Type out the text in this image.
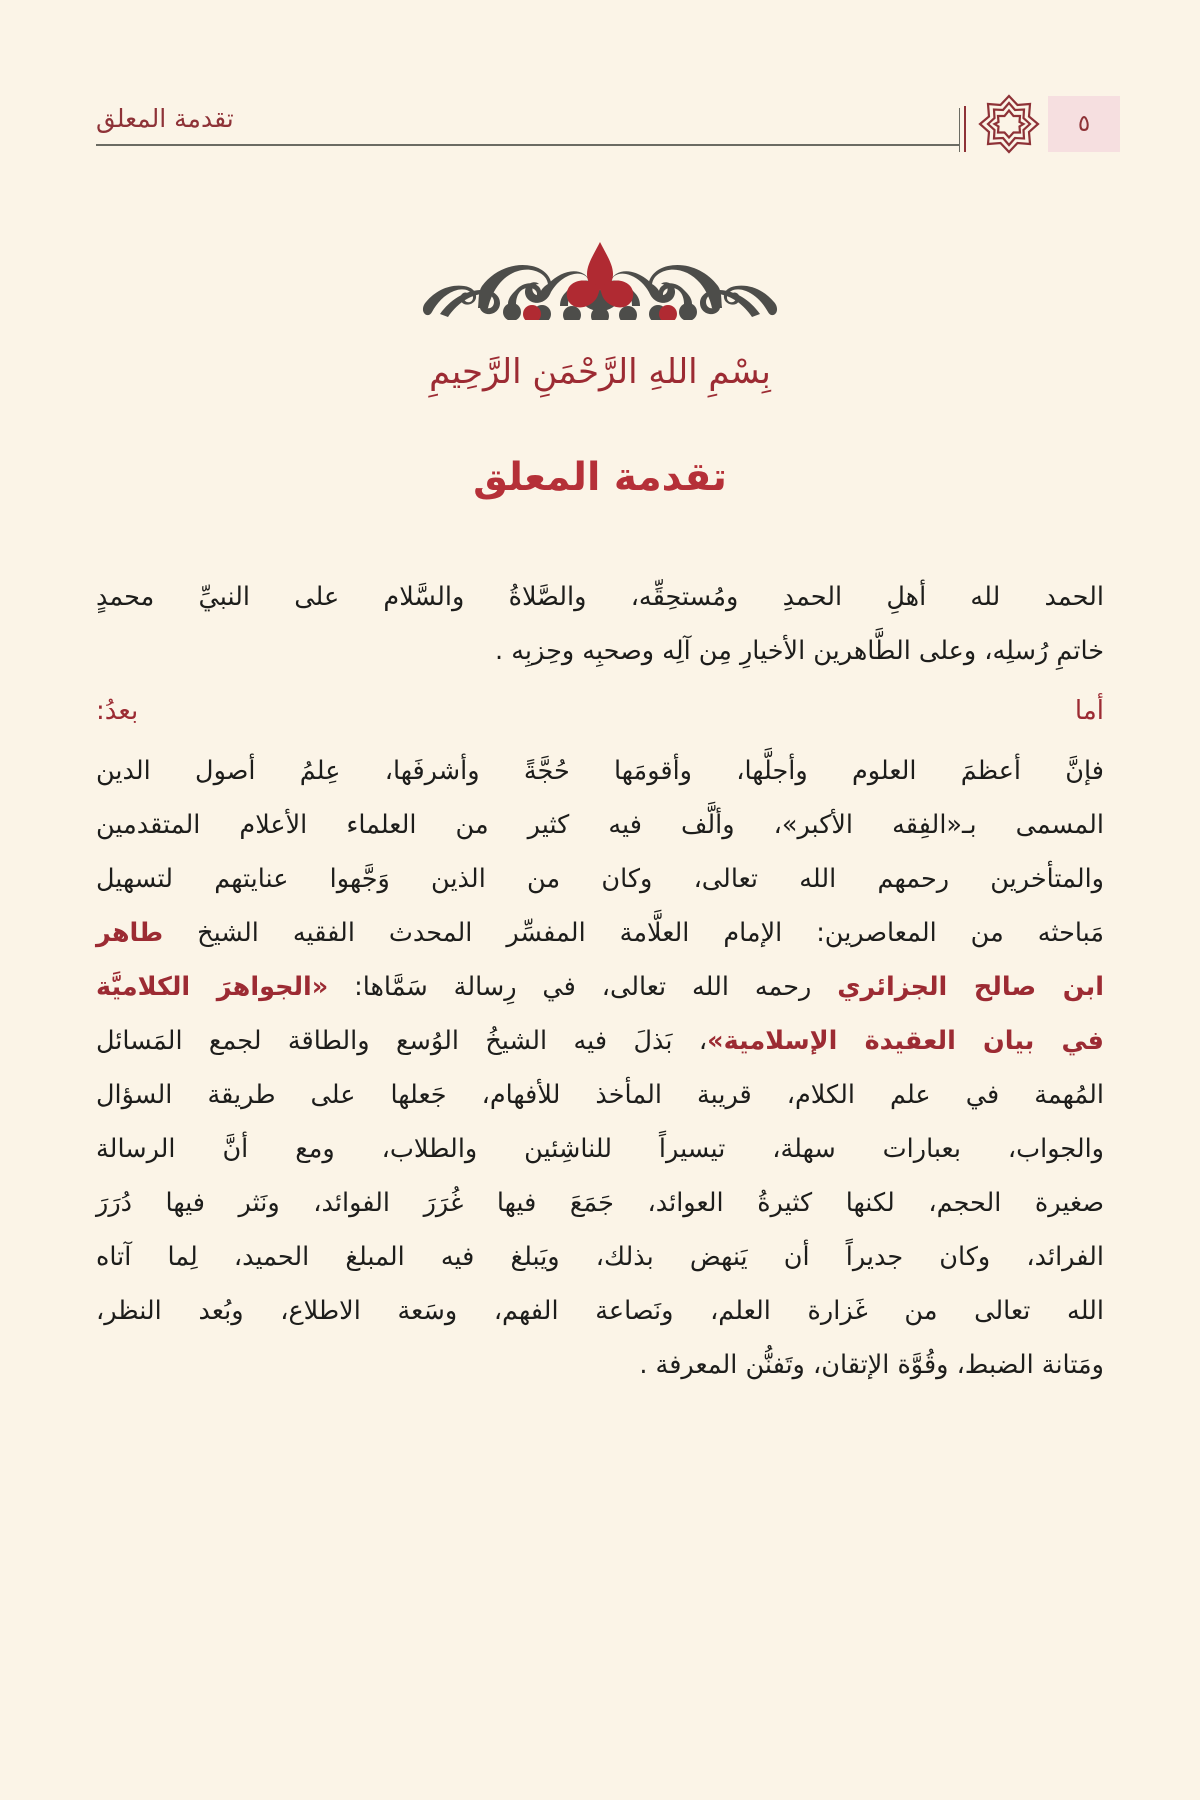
٥
تقدمة المعلق
بِسْمِ اللهِ الرَّحْمَنِ الرَّحِيمِ
تقدمة المعلق
الحمد لله أهلِ الحمدِ ومُستحِقِّه، والصَّلاةُ والسَّلام على النبيِّ محمدٍ
خاتمِ رُسلِه، وعلى الطَّاهرين الأخيارِ مِن آلِه وصحبِه وحِزبِه .
أما بعدُ:
فإنَّ أعظمَ العلوم وأجلَّها، وأقومَها حُجَّةً وأشرفَها، عِلمُ أصول الدين
المسمى بـ«الفِقه الأكبر»، وألَّف فيه كثير من العلماء الأعلام المتقدمين
والمتأخرين رحمهم الله تعالى، وكان من الذين وَجَّهوا عنايتهم لتسهيل
مَباحثه من المعاصرين: الإمام العلَّامة المفسِّر المحدث الفقيه الشيخ طاهر
ابن صالح الجزائري رحمه الله تعالى، في رِسالة سَمَّاها: «الجواهرَ الكلاميَّة
في بيان العقيدة الإسلامية»، بَذلَ فيه الشيخُ الوُسع والطاقة لجمع المَسائل
المُهمة في علم الكلام، قريبة المأخذ للأفهام، جَعلها على طريقة السؤال
والجواب، بعبارات سهلة، تيسيراً للناشِئين والطلاب، ومع أنَّ الرسالة
صغيرة الحجم، لكنها كثيرةُ العوائد، جَمَعَ فيها غُرَرَ الفوائد، ونَثر فيها دُرَرَ
الفرائد، وكان جديراً أن يَنهض بذلك، ويَبلغ فيه المبلغ الحميد، لِما آتاه
الله تعالى من غَزارة العلم، ونَصاعة الفهم، وسَعة الاطلاع، وبُعد النظر،
ومَتانة الضبط، وقُوَّة الإتقان، وتَفنُّن المعرفة .
